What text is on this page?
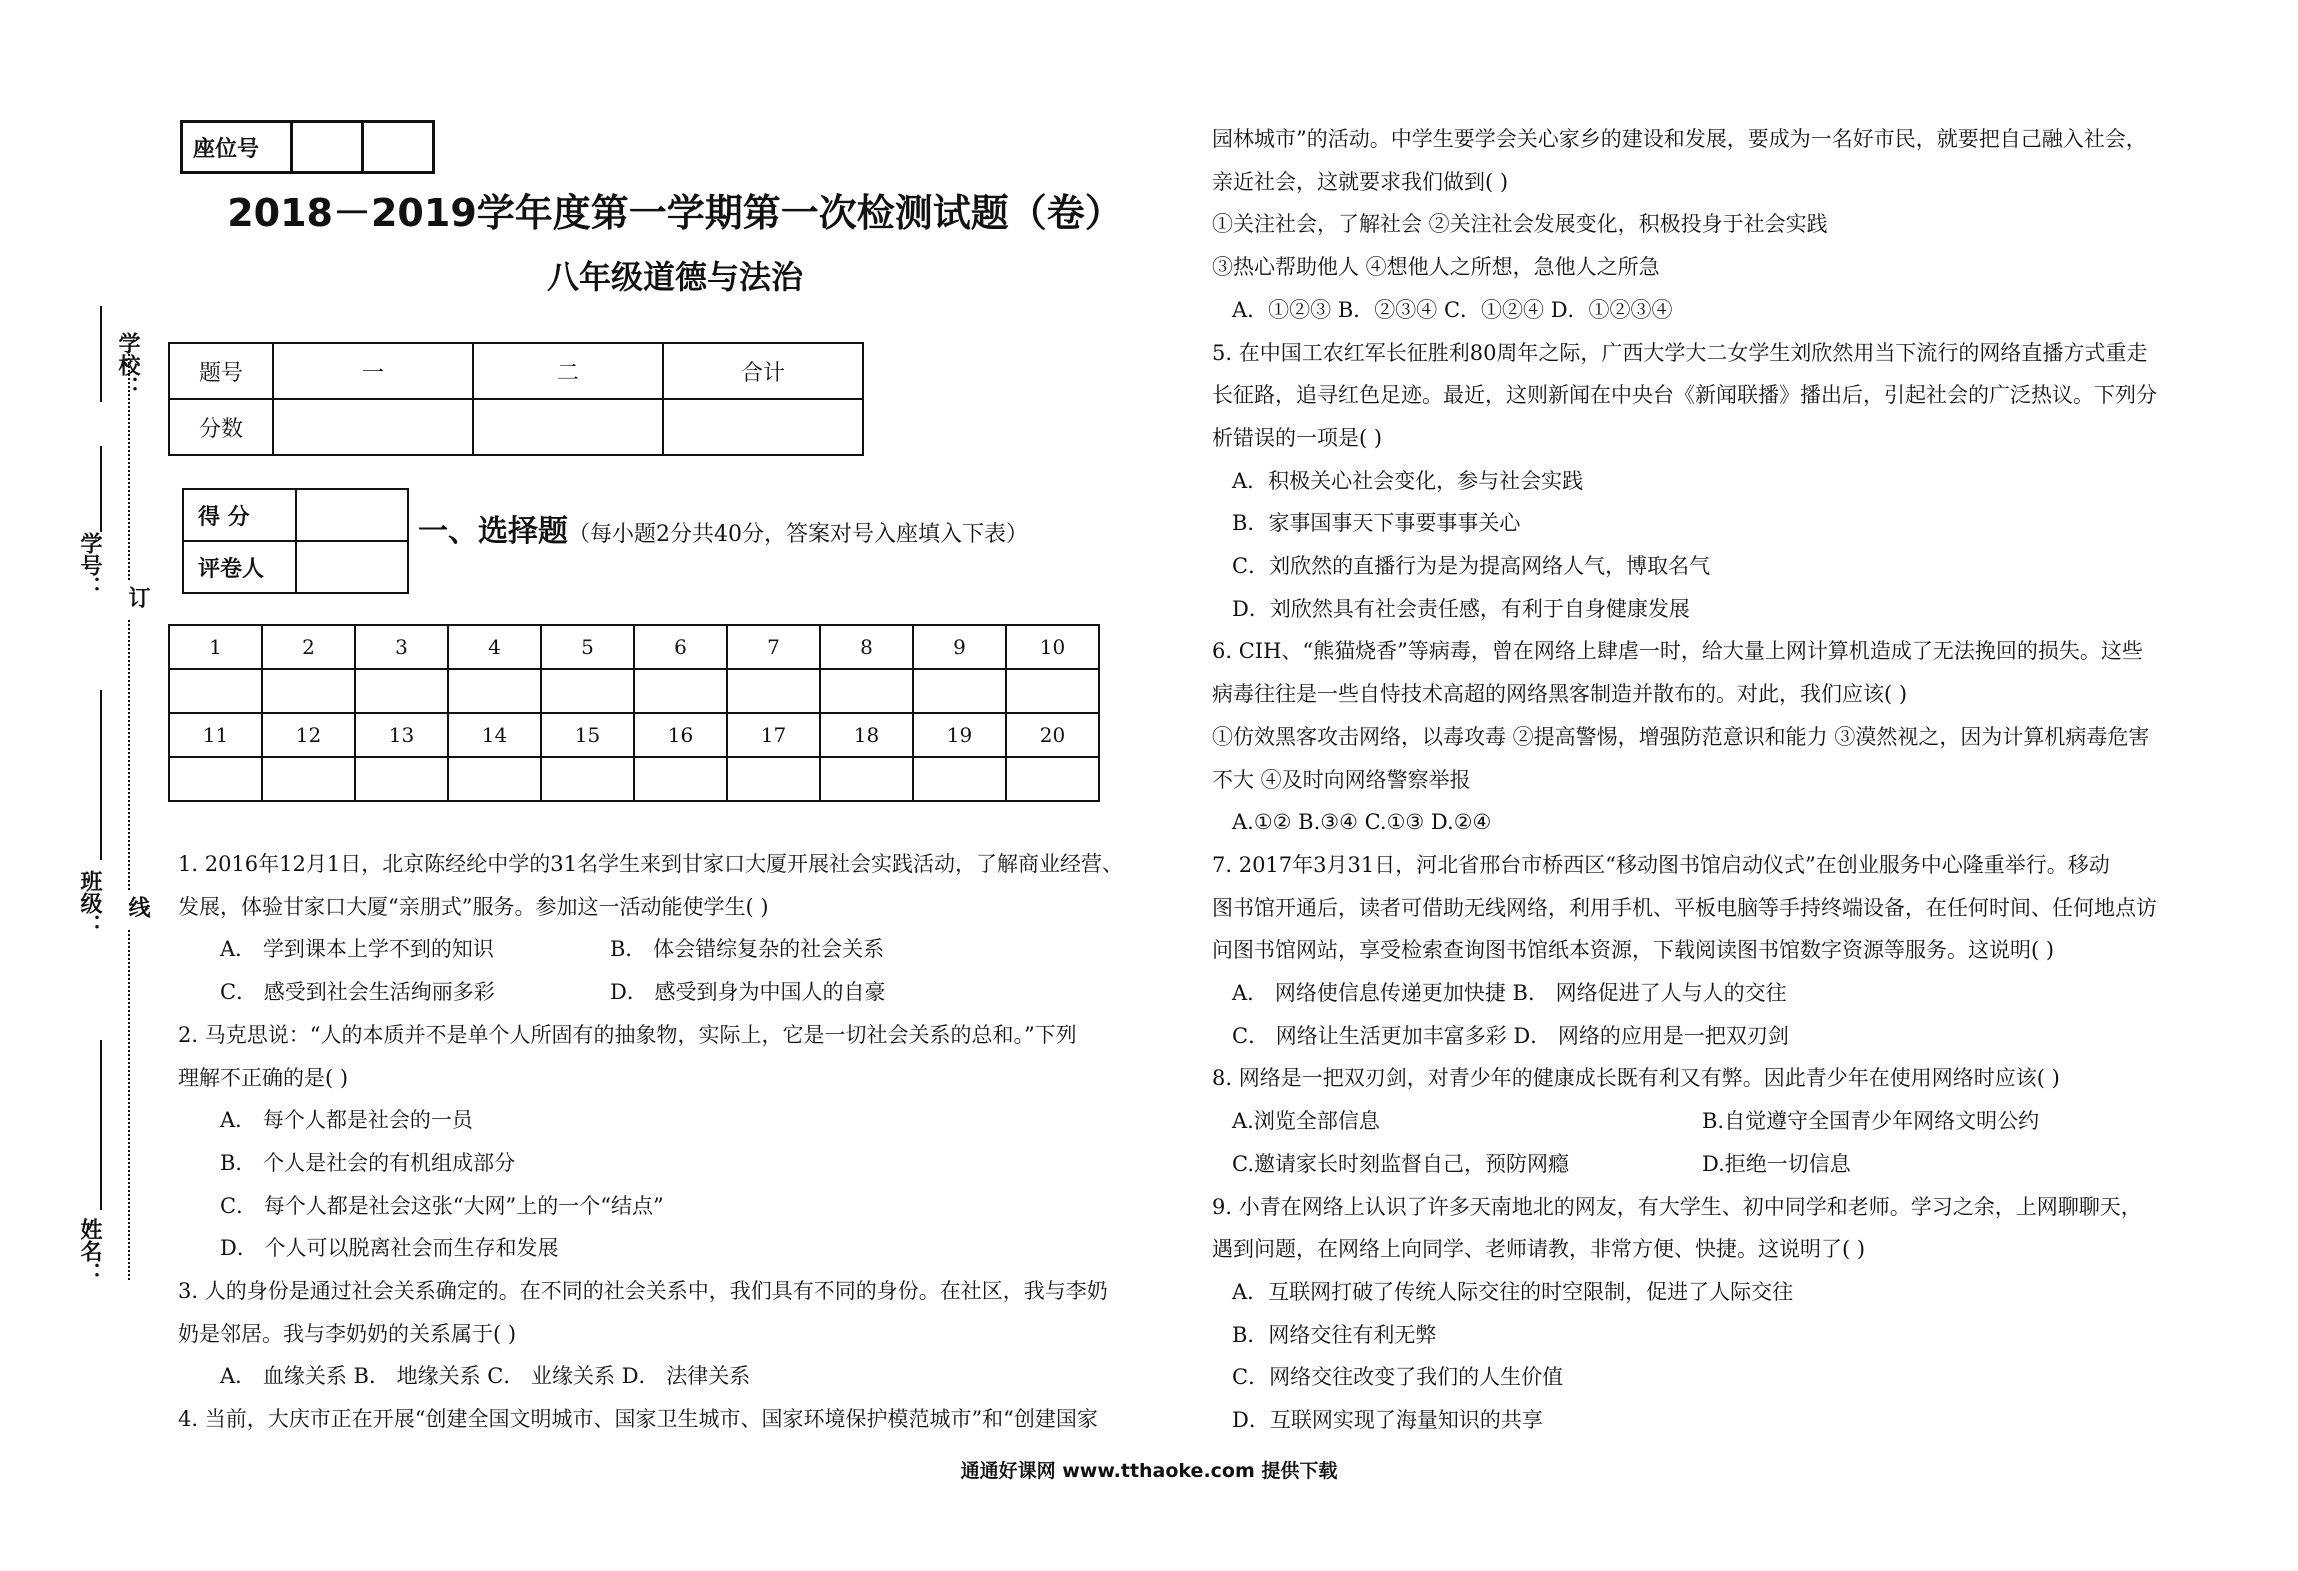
座位号		
2018－2019学年度第一学期第一次检测试题（卷）
八年级道德与法治
题号	一	二	合计
分数			
得 分	
评卷人	
一、选择题（每小题2分共40分，答案对号入座填入下表）
1	2	3	4	5	6	7	8	9	10

11	12	13	14	15	16	17	18	19	20

学校：
学号：
班级：
姓名：
订
线

1. 2016年12月1日，北京陈经纶中学的31名学生来到甘家口大厦开展社会实践活动，了解商业经营、

发展，体验甘家口大厦“亲朋式”服务。参加这一活动能使学生( )

A． 学到课本上学不到的知识	B． 体会错综复杂的社会关系

C． 感受到社会生活绚丽多彩	D． 感受到身为中国人的自豪

2. 马克思说：“人的本质并不是单个人所固有的抽象物，实际上，它是一切社会关系的总和。”下列

理解不正确的是( )

A． 每个人都是社会的一员

B． 个人是社会的有机组成部分

C． 每个人都是社会这张“大网”上的一个“结点”

D． 个人可以脱离社会而生存和发展

3. 人的身份是通过社会关系确定的。在不同的社会关系中，我们具有不同的身份。在社区，我与李奶

奶是邻居。我与李奶奶的关系属于( )

A． 血缘关系 B． 地缘关系 C． 业缘关系 D． 法律关系

4. 当前，大庆市正在开展“创建全国文明城市、国家卫生城市、国家环境保护模范城市”和“创建国家

园林城市”的活动。中学生要学会关心家乡的建设和发展，要成为一名好市民，就要把自己融入社会，

亲近社会，这就要求我们做到( )

①关注社会，了解社会 ②关注社会发展变化，积极投身于社会实践

③热心帮助他人 ④想他人之所想，急他人之所急

A．①②③ B．②③④ C．①②④ D．①②③④

5. 在中国工农红军长征胜利80周年之际，广西大学大二女学生刘欣然用当下流行的网络直播方式重走

长征路，追寻红色足迹。最近，这则新闻在中央台《新闻联播》播出后，引起社会的广泛热议。下列分

析错误的一项是( )

A．积极关心社会变化，参与社会实践

B．家事国事天下事要事事关心

C．刘欣然的直播行为是为提高网络人气，博取名气

D．刘欣然具有社会责任感，有利于自身健康发展

6. CIH、“熊猫烧香”等病毒，曾在网络上肆虐一时，给大量上网计算机造成了无法挽回的损失。这些

病毒往往是一些自恃技术高超的网络黑客制造并散布的。对此，我们应该( )

①仿效黑客攻击网络，以毒攻毒 ②提高警惕，增强防范意识和能力 ③漠然视之，因为计算机病毒危害

不大 ④及时向网络警察举报

A.①② B.③④ C.①③ D.②④

7. 2017年3月31日，河北省邢台市桥西区“移动图书馆启动仪式”在创业服务中心隆重举行。移动

图书馆开通后，读者可借助无线网络，利用手机、平板电脑等手持终端设备，在任何时间、任何地点访

问图书馆网站，享受检索查询图书馆纸本资源，下载阅读图书馆数字资源等服务。这说明( )

A． 网络使信息传递更加快捷 B． 网络促进了人与人的交往

C． 网络让生活更加丰富多彩 D． 网络的应用是一把双刃剑

8. 网络是一把双刃剑，对青少年的健康成长既有利又有弊。因此青少年在使用网络时应该( )

A.浏览全部信息	B.自觉遵守全国青少年网络文明公约

C.邀请家长时刻监督自己，预防网瘾	D.拒绝一切信息

9. 小青在网络上认识了许多天南地北的网友，有大学生、初中同学和老师。学习之余，上网聊聊天，

遇到问题，在网络上向同学、老师请教，非常方便、快捷。这说明了( )

A．互联网打破了传统人际交往的时空限制，促进了人际交往

B．网络交往有利无弊

C．网络交往改变了我们的人生价值

D．互联网实现了海量知识的共享

通通好课网 www.tthaoke.com 提供下载
